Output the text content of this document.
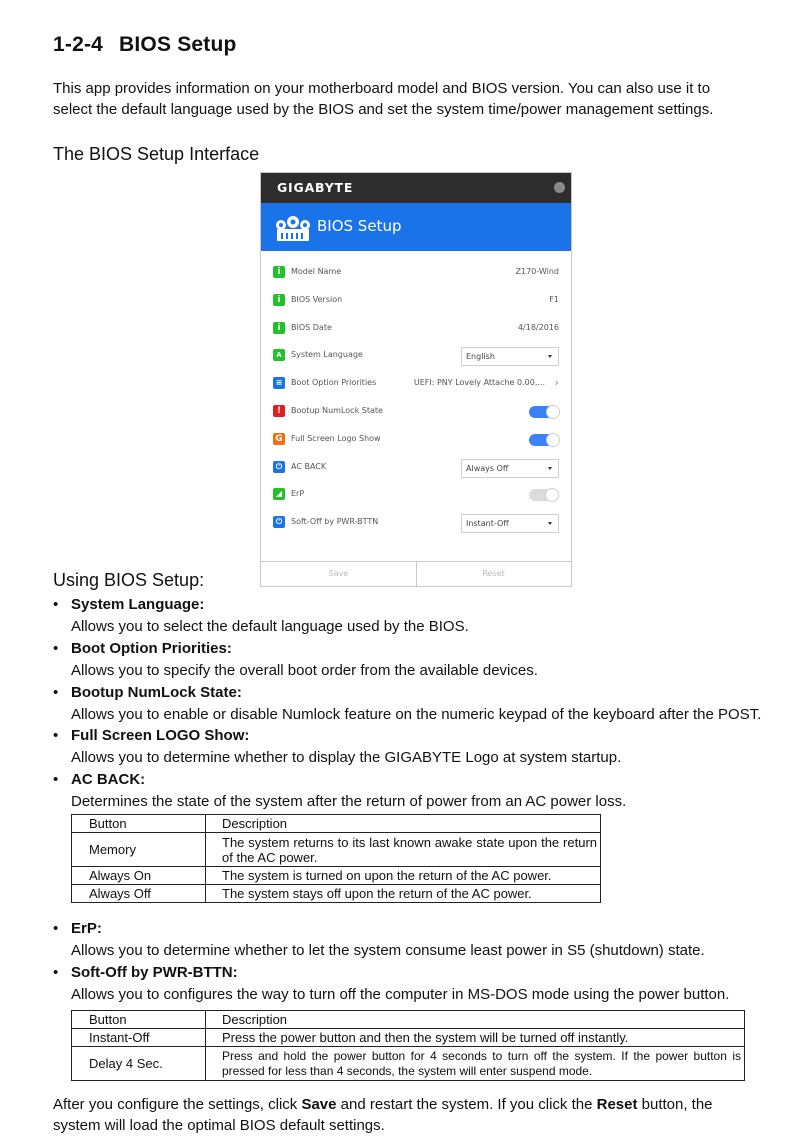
1-2-4 BIOS Setup
This app provides information on your motherboard model and BIOS version. You can also use it to select the default language used by the BIOS and set the system time/power management settings.
The BIOS Setup Interface
GIGABYTE
BIOS Setup
i	Model Name	Z170-Wind
i	BIOS Version	F1
i	BIOS Date	4/18/2016
A	System Language	English
≡	Boot Option Priorities	UEFI: PNY Lovely Attache 0.00,... ›
!	Bootup NumLock State
G Full Screen Logo Show
⏻	AC BACK	Always Off
◢	ErP
⏻	Soft-Off by PWR-BTTN	Instant-Off
Save	Reset
Using BIOS Setup:
• System Language:
Allows you to select the default language used by the BIOS.
• Boot Option Priorities:
Allows you to specify the overall boot order from the available devices.
• Bootup NumLock State:
Allows you to enable or disable Numlock feature on the numeric keypad of the keyboard after the POST.
• Full Screen LOGO Show:
Allows you to determine whether to display the GIGABYTE Logo at system startup.
• AC BACK:
Determines the state of the system after the return of power from an AC power loss.
Button	Description
Memory	The system returns to its last known awake state upon the return of the AC power.
Always On	The system is turned on upon the return of the AC power.
Always Off	The system stays off upon the return of the AC power.
• ErP:
Allows you to determine whether to let the system consume least power in S5 (shutdown) state.
• Soft-Off by PWR-BTTN:
Allows you to configures the way to turn off the computer in MS-DOS mode using the power button.
Button	Description
Instant-Off	Press the power button and then the system will be turned off instantly.
Delay 4 Sec.	Press and hold the power button for 4 seconds to turn off the system. If the power button is pressed for less than 4 seconds, the system will enter suspend mode.
After you configure the settings, click Save and restart the system. If you click the Reset button, the system will load the optimal BIOS default settings.
